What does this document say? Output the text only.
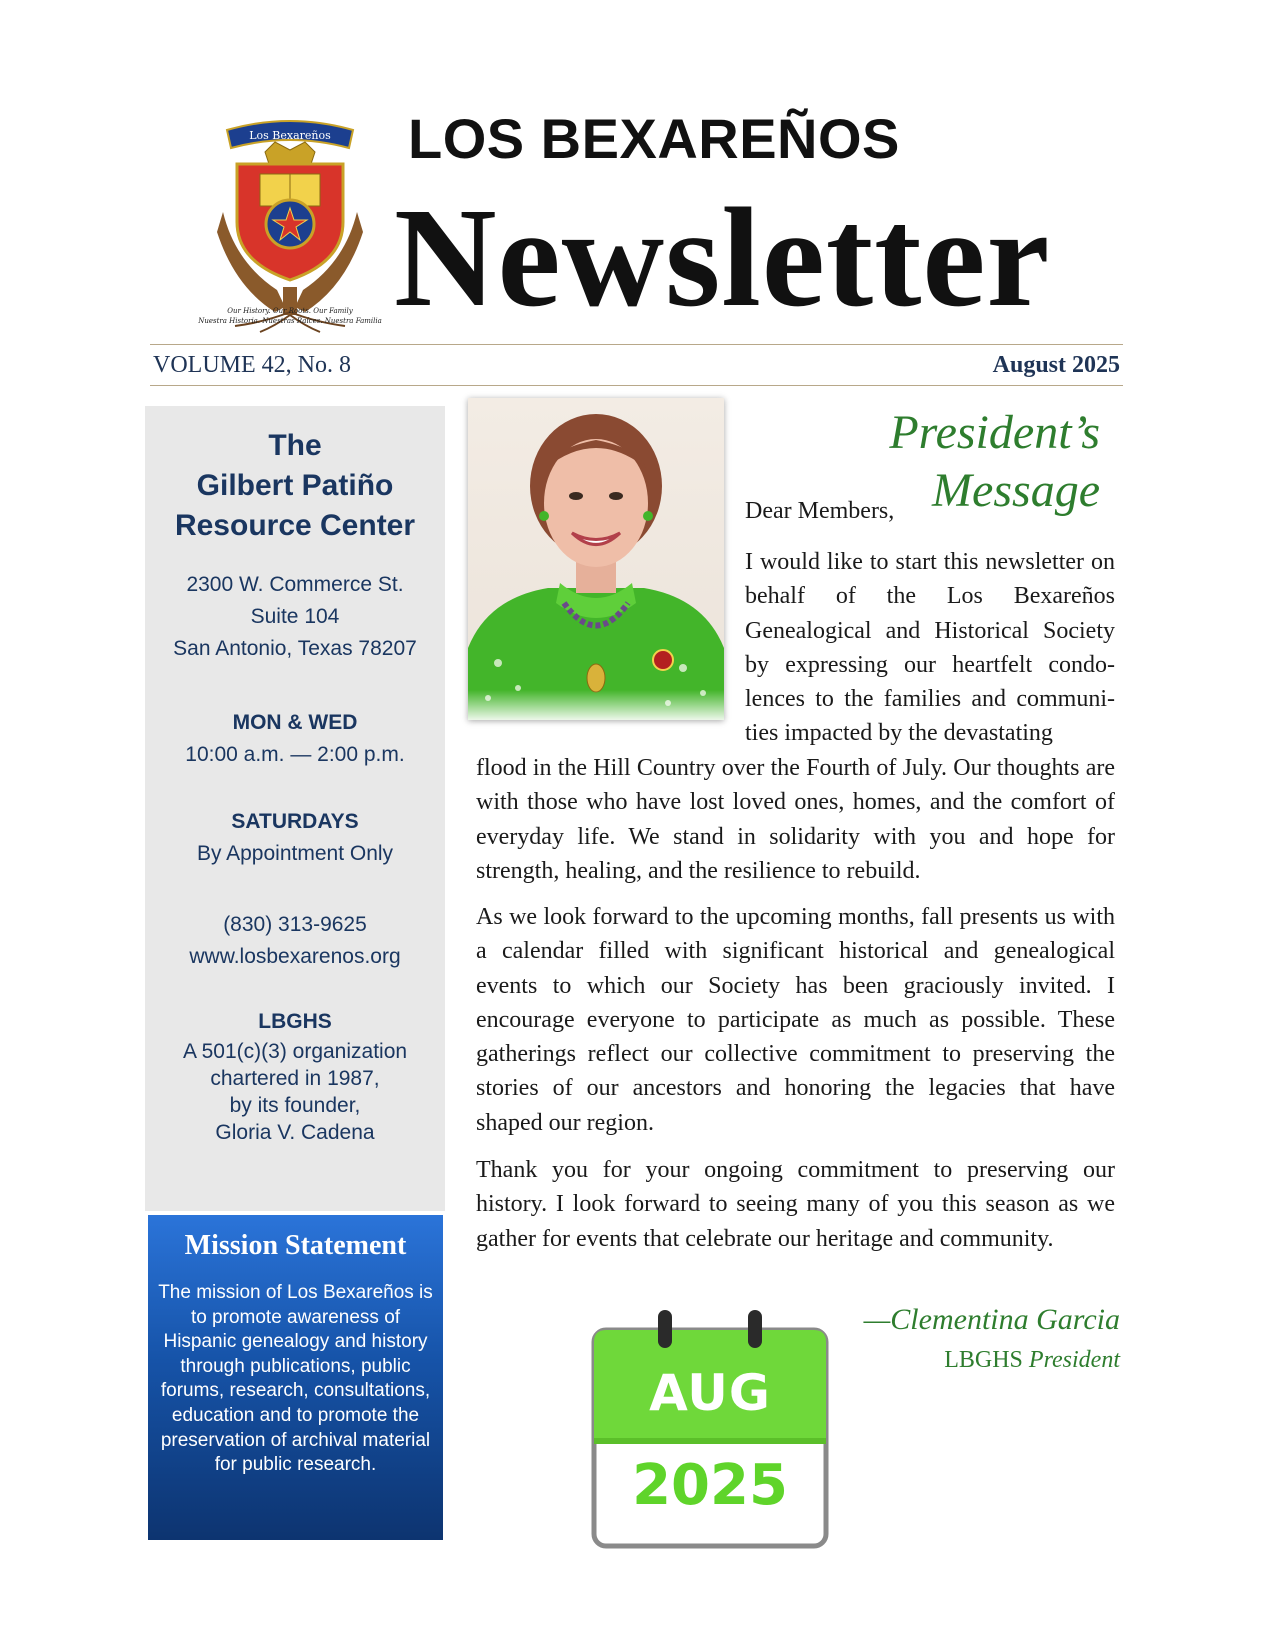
Los Bexareños
Our History. Our Roots. Our Family
Nuestra Historia. Nuestras Raíces. Nuestra Familia
LOS BEXAREÑOS
Newsletter
VOLUME 42, No. 8	August 2025
The
Gilbert Patiño
Resource Center
2300 W. Commerce St.
Suite 104
San Antonio, Texas 78207
MON & WED
10:00 a.m. — 2:00 p.m.
SATURDAYS
By Appointment Only
(830) 313-9625
www.losbexarenos.org
LBGHS
A 501(c)(3) organization
chartered in 1987,
by its founder,
Gloria V. Cadena
Mission Statement
The mission of Los Bexareños is to promote awareness of Hispanic genealogy and history through publications, public forums, research, consultations, education and to promote the preservation of archival material for public research.
President’s Message
Dear Members,
I would like to start this newsletter on behalf of the Los Bexareños Genealogical and Historical Society by expressing our heartfelt condolences to the families and communities impacted by the devastating
flood in the Hill Country over the Fourth of July. Our thoughts are with those who have lost loved ones, homes, and the comfort of everyday life. We stand in solidarity with you and hope for strength, healing, and the resilience to rebuild.
As we look forward to the upcoming months, fall presents us with a calendar filled with significant historical and genealogical events to which our Society has been graciously invited. I encourage everyone to participate as much as possible. These gatherings reflect our collective commitment to preserving the stories of our ancestors and honoring the legacies that have shaped our region.
Thank you for your ongoing commitment to preserving our history. I look forward to seeing many of you this season as we gather for events that celebrate our heritage and community.
—Clementina Garcia
LBGHS President
AUG
2025
